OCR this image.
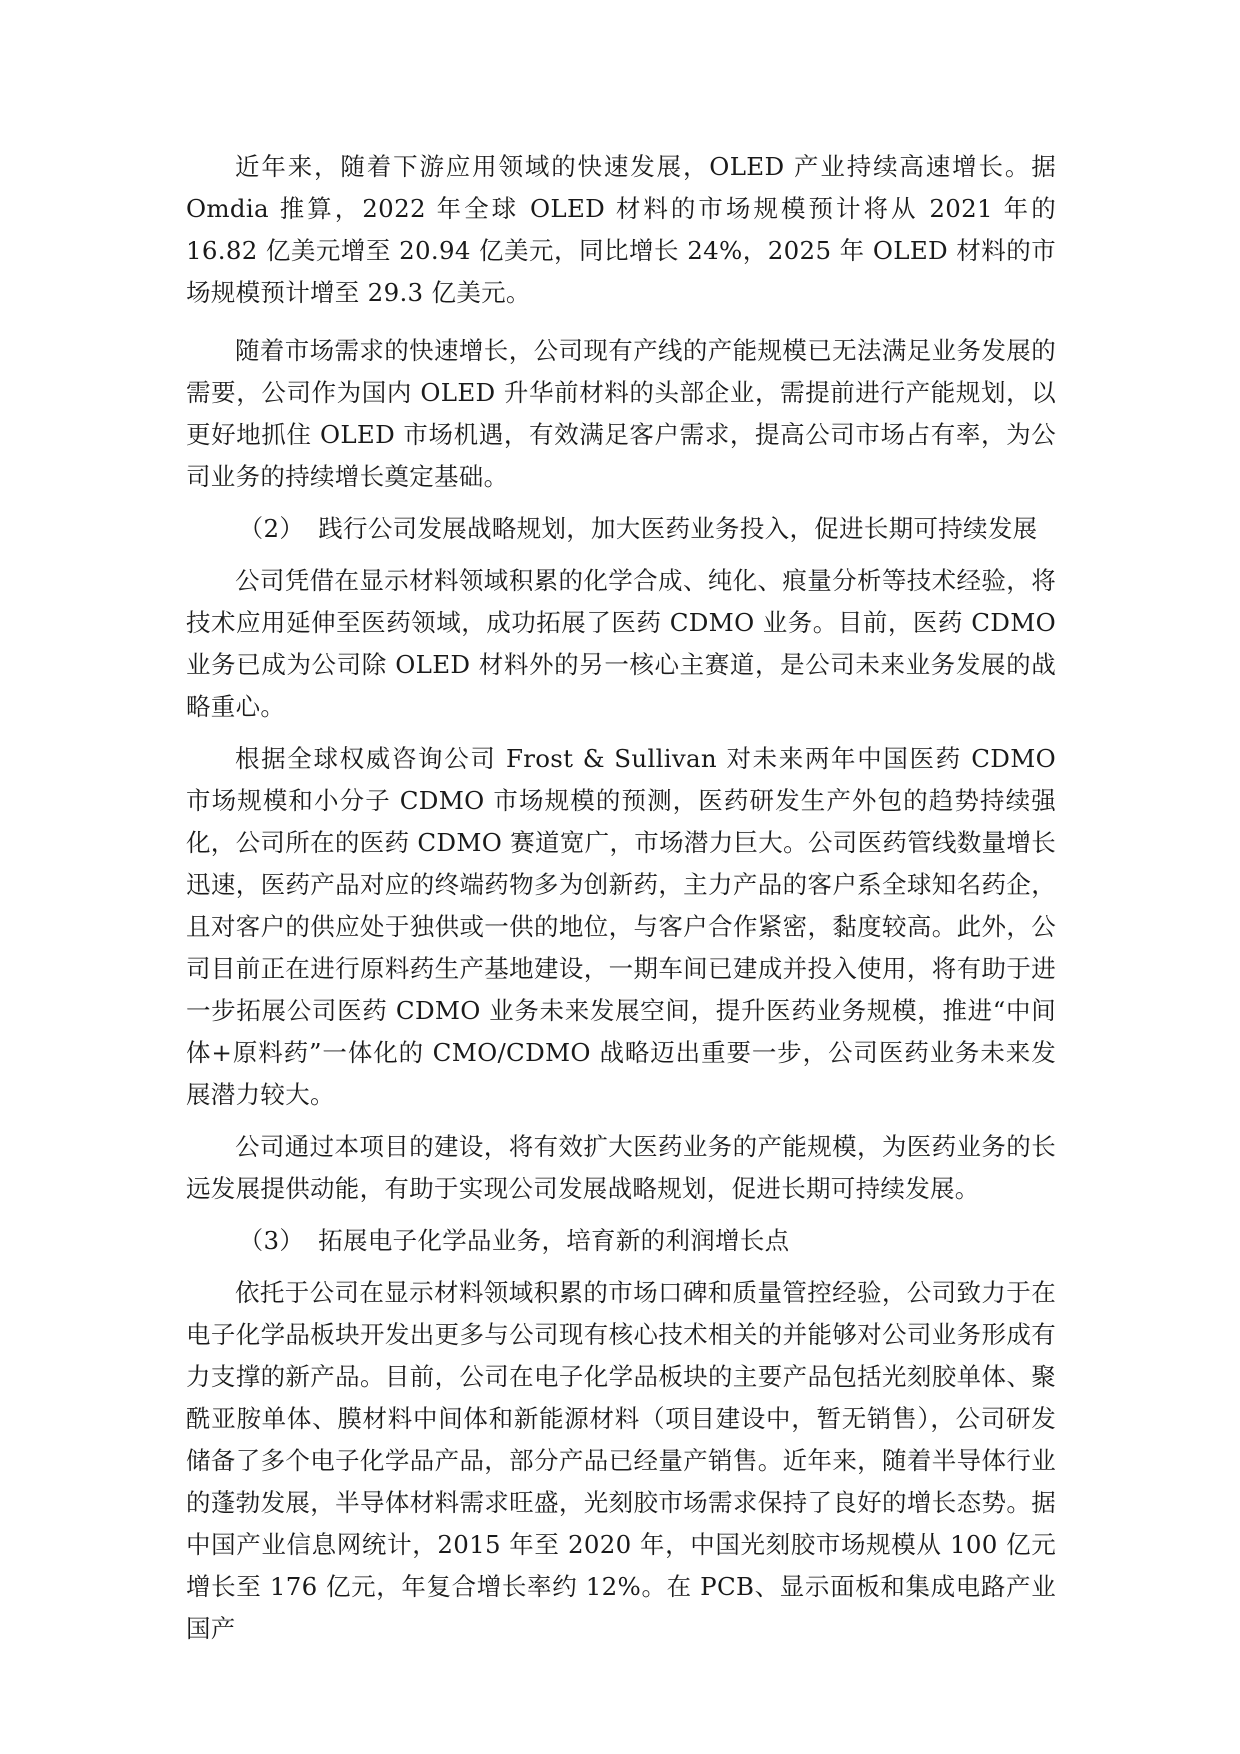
近年来，随着下游应用领域的快速发展，OLED 产业持续高速增长。据 Omdia 推算，2022 年全球 OLED 材料的市场规模预计将从 2021 年的 16.82 亿美元增至 20.94 亿美元，同比增长 24%，2025 年 OLED 材料的市场规模预计增至 29.3 亿美元。

随着市场需求的快速增长，公司现有产线的产能规模已无法满足业务发展的需要，公司作为国内 OLED 升华前材料的头部企业，需提前进行产能规划，以更好地抓住 OLED 市场机遇，有效满足客户需求，提高公司市场占有率，为公司业务的持续增长奠定基础。

（2） 践行公司发展战略规划，加大医药业务投入，促进长期可持续发展

公司凭借在显示材料领域积累的化学合成、纯化、痕量分析等技术经验，将技术应用延伸至医药领域，成功拓展了医药 CDMO 业务。目前，医药 CDMO 业务已成为公司除 OLED 材料外的另一核心主赛道，是公司未来业务发展的战略重心。

根据全球权威咨询公司 Frost & Sullivan 对未来两年中国医药 CDMO 市场规模和小分子 CDMO 市场规模的预测，医药研发生产外包的趋势持续强化，公司所在的医药 CDMO 赛道宽广，市场潜力巨大。公司医药管线数量增长迅速，医药产品对应的终端药物多为创新药，主力产品的客户系全球知名药企，且对客户的供应处于独供或一供的地位，与客户合作紧密，黏度较高。此外，公司目前正在进行原料药生产基地建设，一期车间已建成并投入使用，将有助于进一步拓展公司医药 CDMO 业务未来发展空间，提升医药业务规模，推进“中间体+原料药”一体化的 CMO/CDMO 战略迈出重要一步，公司医药业务未来发展潜力较大。

公司通过本项目的建设，将有效扩大医药业务的产能规模，为医药业务的长远发展提供动能，有助于实现公司发展战略规划，促进长期可持续发展。

（3） 拓展电子化学品业务，培育新的利润增长点

依托于公司在显示材料领域积累的市场口碑和质量管控经验，公司致力于在电子化学品板块开发出更多与公司现有核心技术相关的并能够对公司业务形成有力支撑的新产品。目前，公司在电子化学品板块的主要产品包括光刻胶单体、聚酰亚胺单体、膜材料中间体和新能源材料（项目建设中，暂无销售），公司研发储备了多个电子化学品产品，部分产品已经量产销售。近年来，随着半导体行业的蓬勃发展，半导体材料需求旺盛，光刻胶市场需求保持了良好的增长态势。据中国产业信息网统计，2015 年至 2020 年，中国光刻胶市场规模从 100 亿元增长至 176 亿元，年复合增长率约 12%。在 PCB、显示面板和集成电路产业国产
